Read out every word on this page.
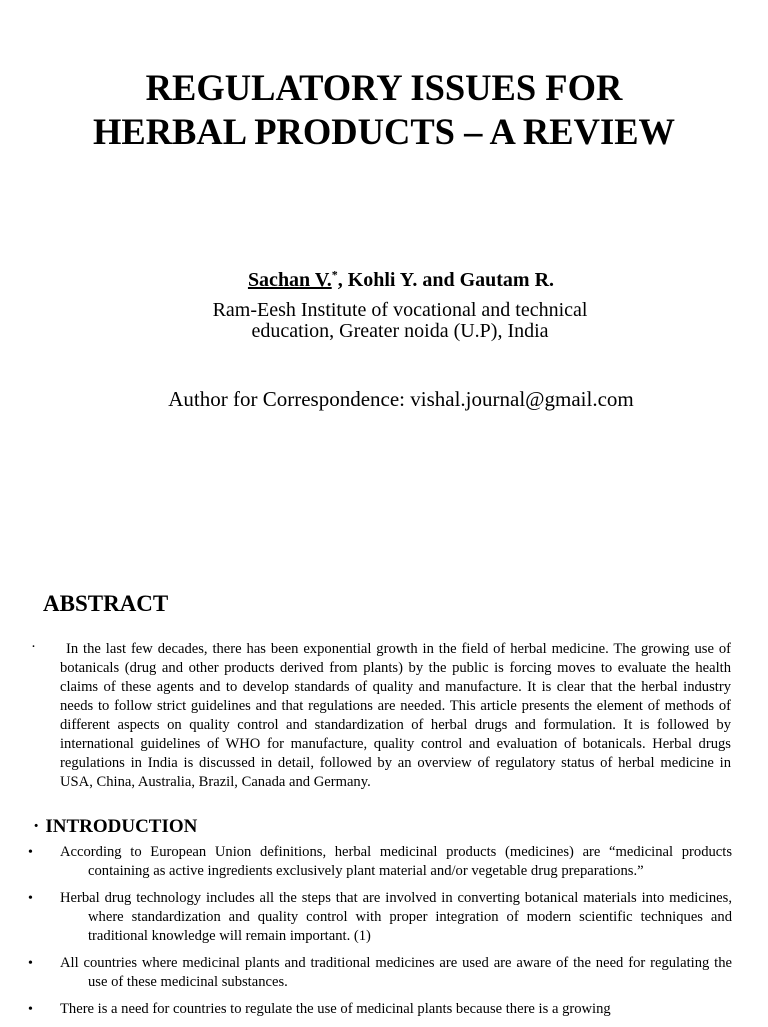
REGULATORY ISSUES FOR
HERBAL PRODUCTS – A REVIEW
Sachan V.*, Kohli Y. and Gautam R.
Ram-Eesh Institute of vocational and technical
education, Greater noida (U.P), India
Author for Correspondence: vishal.journal@gmail.com
ABSTRACT
·	In the last few decades, there has been exponential growth in the field of herbal medicine. The growing use of botanicals (drug and other products derived from plants) by the public is forcing moves to evaluate the health claims of these agents and to develop standards of quality and manufacture. It is clear that the herbal industry needs to follow strict guidelines and that regulations are needed. This article presents the element of methods of different aspects on quality control and standardization of herbal drugs and formulation. It is followed by international guidelines of WHO for manufacture, quality control and evaluation of botanicals. Herbal drugs regulations in India is discussed in detail, followed by an overview of regulatory status of herbal medicine in USA, China, Australia, Brazil, Canada and Germany.

· INTRODUCTION
•	According to European Union definitions, herbal medicinal products (medicines) are “medicinal products containing as active ingredients exclusively plant material and/or vegetable drug preparations.”
•	Herbal drug technology includes all the steps that are involved in converting botanical materials into medicines, where standardization and quality control with proper integration of modern scientific techniques and traditional knowledge will remain important. (1)
•	All countries where medicinal plants and traditional medicines are used are aware of the need for regulating the use of these medicinal substances.
•	There is a need for countries to regulate the use of medicinal plants because there is a growing
